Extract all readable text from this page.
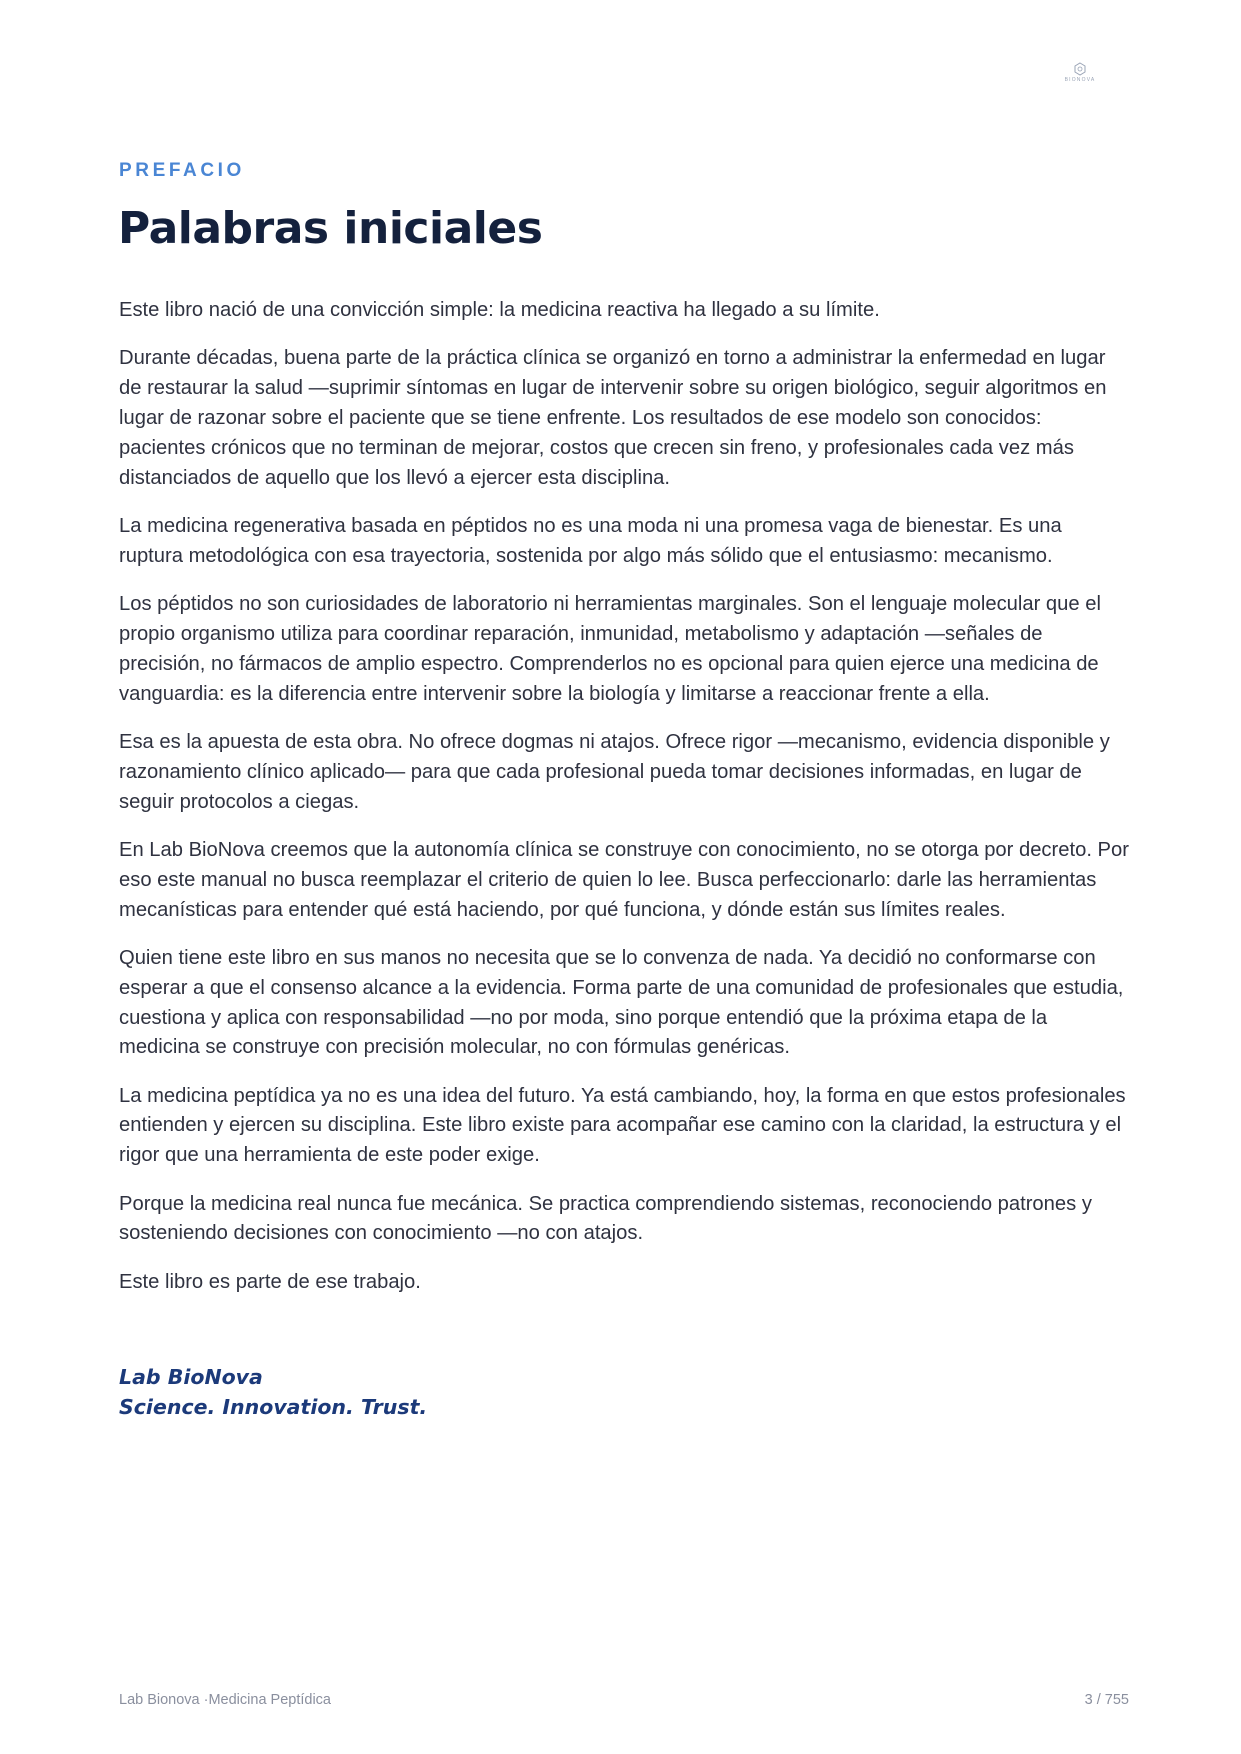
BIONOVA
PREFACIO
Palabras iniciales

Este libro nació de una convicción simple: la medicina reactiva ha llegado a su límite.

Durante décadas, buena parte de la práctica clínica se organizó en torno a administrar la enfermedad en lugar de restaurar la salud —suprimir síntomas en lugar de intervenir sobre su origen biológico, seguir algoritmos en lugar de razonar sobre el paciente que se tiene enfrente. Los resultados de ese modelo son conocidos: pacientes crónicos que no terminan de mejorar, costos que crecen sin freno, y profesionales cada vez más distanciados de aquello que los llevó a ejercer esta disciplina.

La medicina regenerativa basada en péptidos no es una moda ni una promesa vaga de bienestar. Es una ruptura metodológica con esa trayectoria, sostenida por algo más sólido que el entusiasmo: mecanismo.

Los péptidos no son curiosidades de laboratorio ni herramientas marginales. Son el lenguaje molecular que el propio organismo utiliza para coordinar reparación, inmunidad, metabolismo y adaptación —señales de precisión, no fármacos de amplio espectro. Comprenderlos no es opcional para quien ejerce una medicina de vanguardia: es la diferencia entre intervenir sobre la biología y limitarse a reaccionar frente a ella.

Esa es la apuesta de esta obra. No ofrece dogmas ni atajos. Ofrece rigor —mecanismo, evidencia disponible y razonamiento clínico aplicado— para que cada profesional pueda tomar decisiones informadas, en lugar de seguir protocolos a ciegas.

En Lab BioNova creemos que la autonomía clínica se construye con conocimiento, no se otorga por decreto. Por eso este manual no busca reemplazar el criterio de quien lo lee. Busca perfeccionarlo: darle las herramientas mecanísticas para entender qué está haciendo, por qué funciona, y dónde están sus límites reales.

Quien tiene este libro en sus manos no necesita que se lo convenza de nada. Ya decidió no conformarse con esperar a que el consenso alcance a la evidencia. Forma parte de una comunidad de profesionales que estudia, cuestiona y aplica con responsabilidad —no por moda, sino porque entendió que la próxima etapa de la medicina se construye con precisión molecular, no con fórmulas genéricas.

La medicina peptídica ya no es una idea del futuro. Ya está cambiando, hoy, la forma en que estos profesionales entienden y ejercen su disciplina. Este libro existe para acompañar ese camino con la claridad, la estructura y el rigor que una herramienta de este poder exige.

Porque la medicina real nunca fue mecánica. Se practica comprendiendo sistemas, reconociendo patrones y sosteniendo decisiones con conocimiento —no con atajos.

Este libro es parte de ese trabajo.

Lab BioNova
Science. Innovation. Trust.
Lab Bionova ·Medicina Peptídica	3 / 755
